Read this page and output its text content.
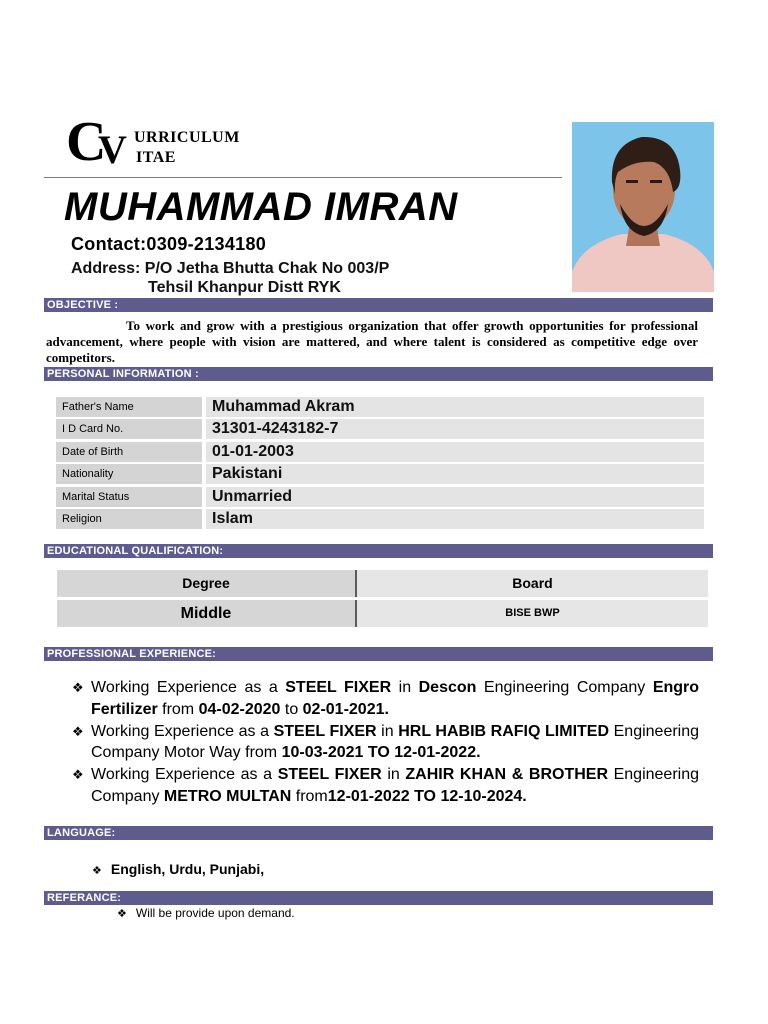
C
V URRICULUM
ITAE
MUHAMMAD IMRAN
Contact:0309-2134180
Address: P/O Jetha Bhutta Chak No 003/P
Tehsil Khanpur Distt RYK
OBJECTIVE :
To work and grow with a prestigious organization that offer growth opportunities for professional advancement, where people with vision are mattered, and where talent is considered as competitive edge over competitors.
PERSONAL INFORMATION :
Father's Name	Muhammad Akram
I D Card No.	31301-4243182-7
Date of Birth	01-01-2003
Nationality	Pakistani
Marital Status	Unmarried
Religion	Islam
EDUCATIONAL QUALIFICATION:
Degree	Board
Middle	BISE BWP
PROFESSIONAL EXPERIENCE:
❖ Working Experience as a STEEL FIXER in Descon Engineering Company Engro Fertilizer from 04-02-2020 to 02-01-2021.
❖ Working Experience as a STEEL FIXER in HRL HABIB RAFIQ LIMITED Engineering Company Motor Way from 10-03-2021 TO 12-01-2022.
❖ Working Experience as a STEEL FIXER in ZAHIR KHAN & BROTHER Engineering Company METRO MULTAN from12-01-2022 TO 12-10-2024.
LANGUAGE:
❖ English, Urdu, Punjabi,
REFERANCE:
❖ Will be provide upon demand.
